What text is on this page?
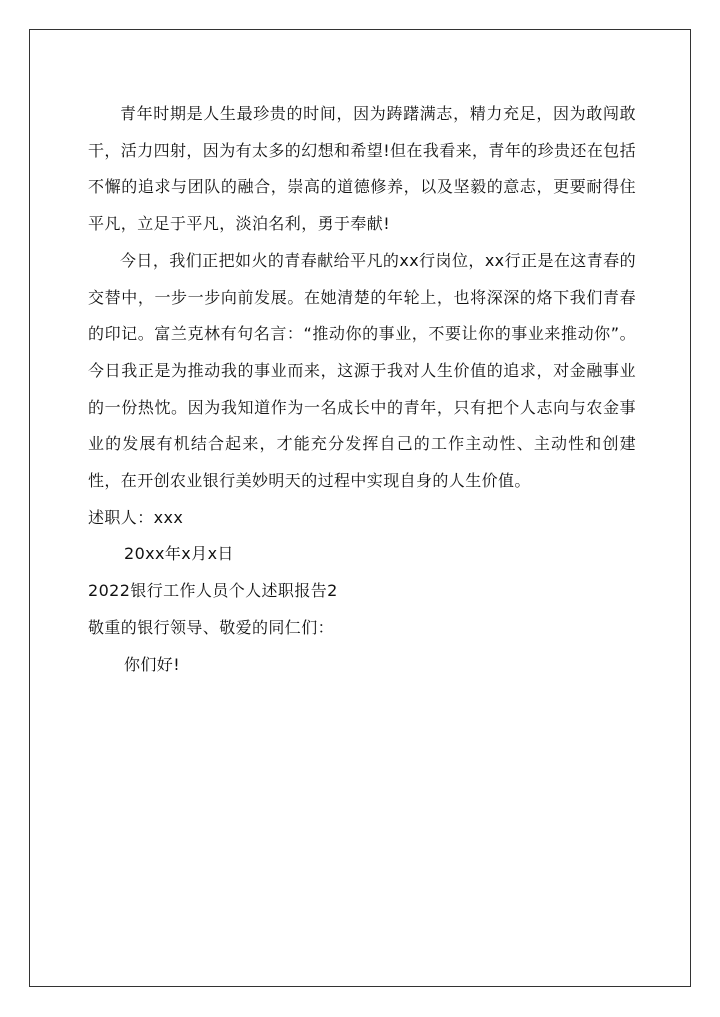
青年时期是人生最珍贵的时间，因为踌躇满志，精力充足，因为敢闯敢干，活力四射，因为有太多的幻想和希望!但在我看来，青年的珍贵还在包括不懈的追求与团队的融合，崇高的道德修养，以及坚毅的意志，更要耐得住平凡，立足于平凡，淡泊名利，勇于奉献!

今日，我们正把如火的青春献给平凡的xx行岗位，xx行正是在这青春的交替中，一步一步向前发展。在她清楚的年轮上，也将深深的烙下我们青春的印记。富兰克林有句名言：“推动你的事业，不要让你的事业来推动你”。今日我正是为推动我的事业而来，这源于我对人生价值的追求，对金融事业的一份热忱。因为我知道作为一名成长中的青年，只有把个人志向与农金事业的发展有机结合起来，才能充分发挥自己的工作主动性、主动性和创建性，在开创农业银行美妙明天的过程中实现自身的人生价值。

述职人：xxx

20xx年x月x日

2022银行工作人员个人述职报告2

敬重的银行领导、敬爱的同仁们：

你们好!
